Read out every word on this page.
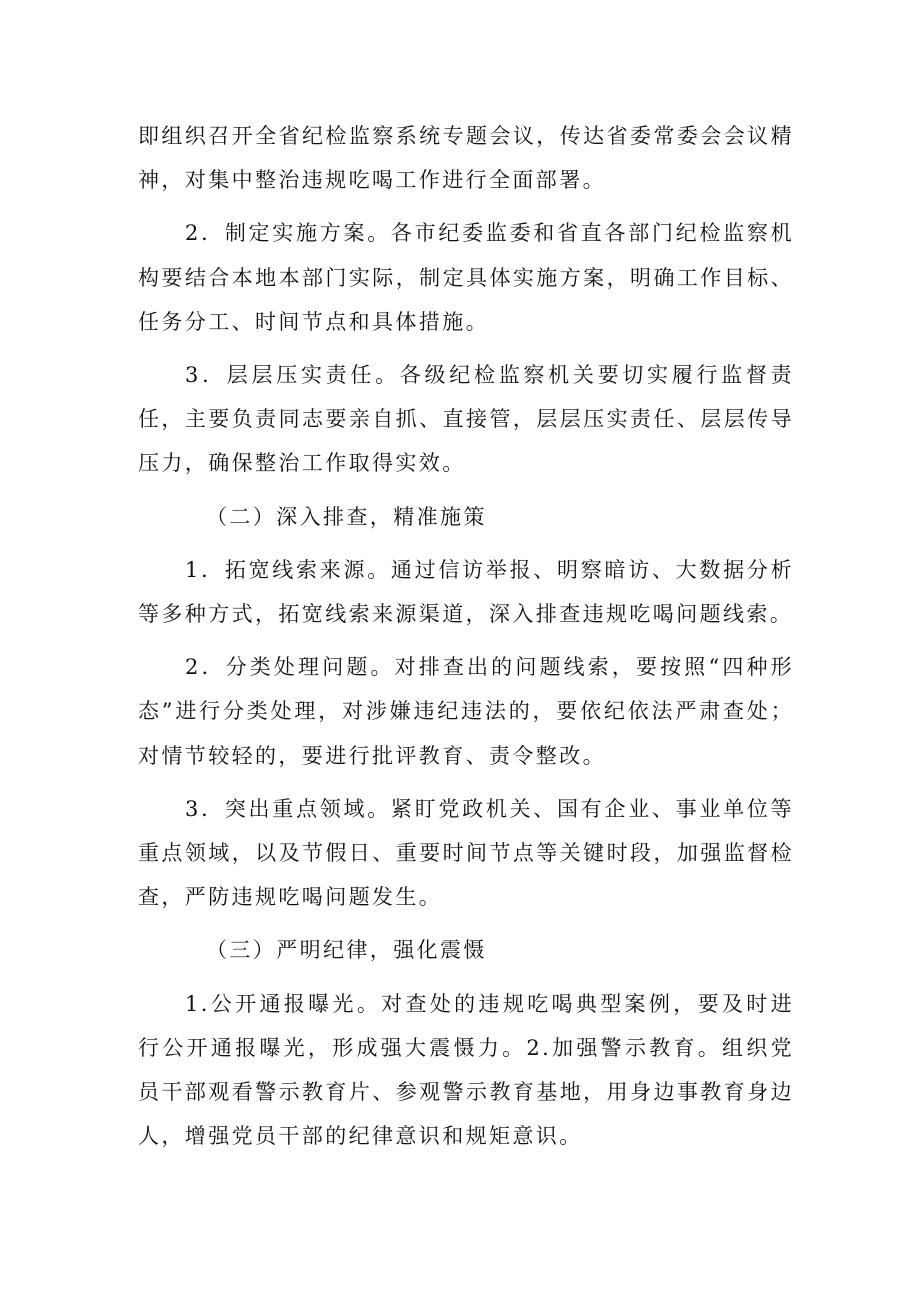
即组织召开全省纪检监察系统专题会议，传达省委常委会会议精神，对集中整治违规吃喝工作进行全面部署。

2．制定实施方案。各市纪委监委和省直各部门纪检监察机构要结合本地本部门实际，制定具体实施方案，明确工作目标、任务分工、时间节点和具体措施。

3．层层压实责任。各级纪检监察机关要切实履行监督责任，主要负责同志要亲自抓、直接管，层层压实责任、层层传导压力，确保整治工作取得实效。

（二）深入排查，精准施策

1．拓宽线索来源。通过信访举报、明察暗访、大数据分析等多种方式，拓宽线索来源渠道，深入排查违规吃喝问题线索。

2．分类处理问题。对排查出的问题线索，要按照“四种形态”进行分类处理，对涉嫌违纪违法的，要依纪依法严肃查处；对情节较轻的，要进行批评教育、责令整改。

3．突出重点领域。紧盯党政机关、国有企业、事业单位等重点领域，以及节假日、重要时间节点等关键时段，加强监督检查，严防违规吃喝问题发生。

（三）严明纪律，强化震慑

1.公开通报曝光。对查处的违规吃喝典型案例，要及时进行公开通报曝光，形成强大震慑力。2.加强警示教育。组织党员干部观看警示教育片、参观警示教育基地，用身边事教育身边人，增强党员干部的纪律意识和规矩意识。
